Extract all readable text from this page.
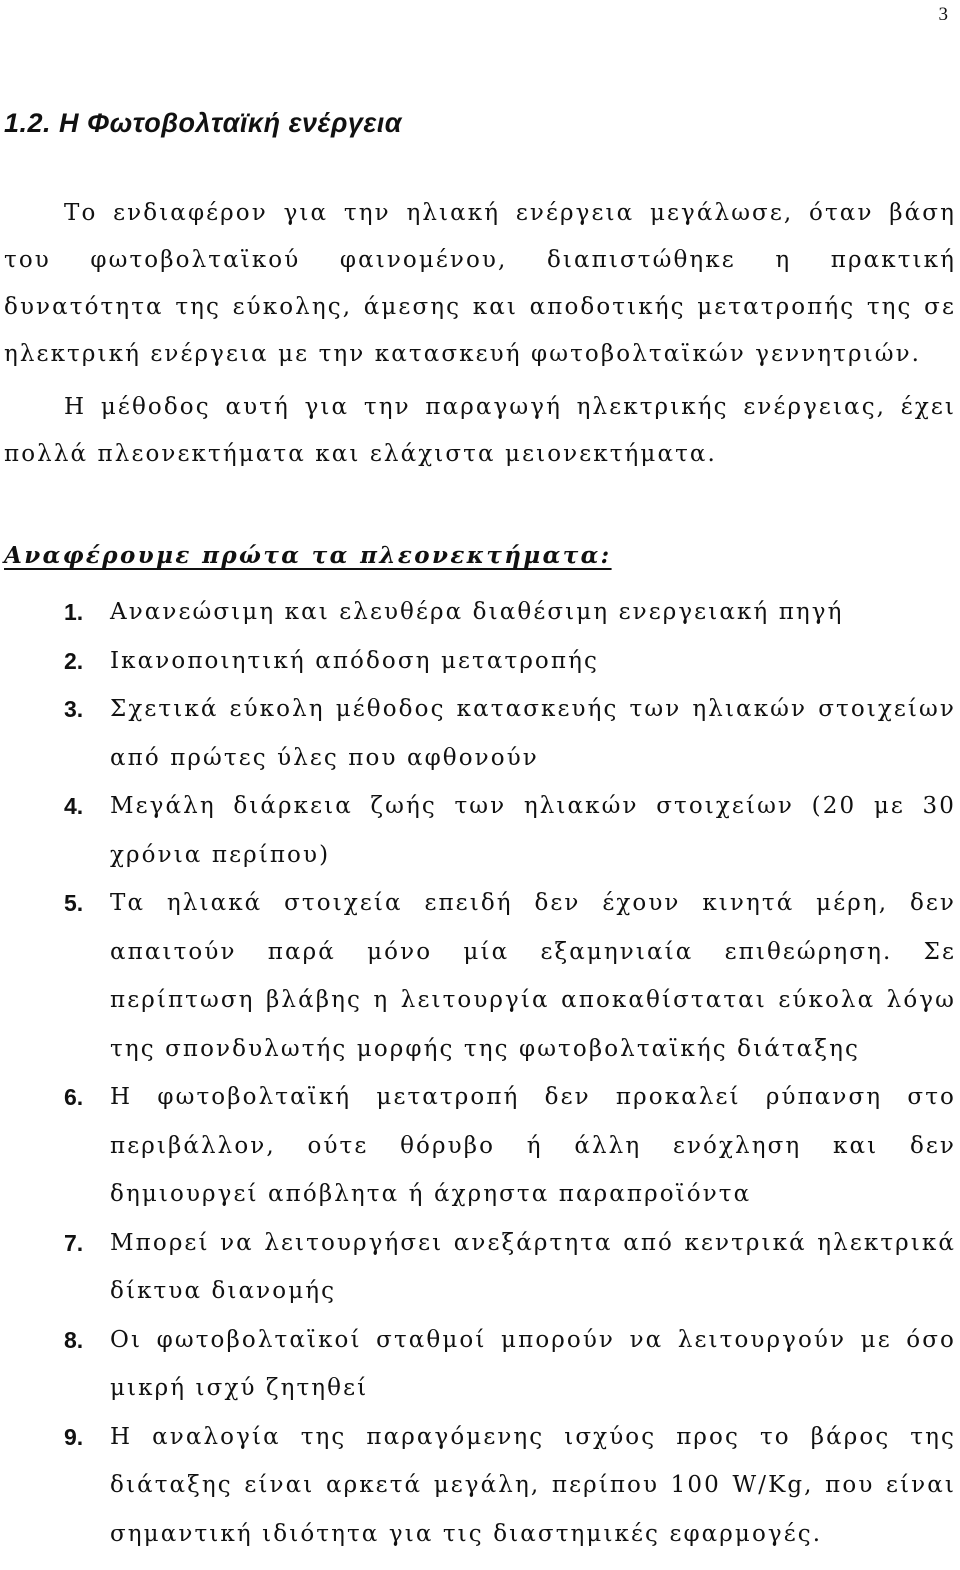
3
1.2. Η Φωτοβολταϊκή ενέργεια

Το ενδιαφέρον για την ηλιακή ενέργεια μεγάλωσε, όταν βάση του φωτοβολταϊκού φαινομένου, διαπιστώθηκε η πρακτική δυνατότητα της εύκολης, άμεσης και αποδοτικής μετατροπής της σε ηλεκτρική ενέργεια με την κατασκευή φωτοβολταϊκών γεννητριών.

Η μέθοδος αυτή για την παραγωγή ηλεκτρικής ενέργειας, έχει πολλά πλεονεκτήματα και ελάχιστα μειονεκτήματα.

Αναφέρουμε πρώτα τα πλεονεκτήματα:
1. Ανανεώσιμη και ελευθέρα διαθέσιμη ενεργειακή πηγή
2. Ικανοποιητική απόδοση μετατροπής
3. Σχετικά εύκολη μέθοδος κατασκευής των ηλιακών στοιχείων από πρώτες ύλες που αφθονούν
4. Μεγάλη διάρκεια ζωής των ηλιακών στοιχείων (20 με 30 χρόνια περίπου)
5. Τα ηλιακά στοιχεία επειδή δεν έχουν κινητά μέρη, δεν απαιτούν παρά μόνο μία εξαμηνιαία επιθεώρηση. Σε περίπτωση βλάβης η λειτουργία αποκαθίσταται εύκολα λόγω της σπονδυλωτής μορφής της φωτοβολταϊκής διάταξης
6. Η φωτοβολταϊκή μετατροπή δεν προκαλεί ρύπανση στο περιβάλλον, ούτε θόρυβο ή άλλη ενόχληση και δεν δημιουργεί απόβλητα ή άχρηστα παραπροϊόντα
7. Μπορεί να λειτουργήσει ανεξάρτητα από κεντρικά ηλεκτρικά δίκτυα διανομής
8. Οι φωτοβολταϊκοί σταθμοί μπορούν να λειτουργούν με όσο μικρή ισχύ ζητηθεί
9. Η αναλογία της παραγόμενης ισχύος προς το βάρος της διάταξης είναι αρκετά μεγάλη, περίπου 100 W/Kg, που είναι σημαντική ιδιότητα για τις διαστημικές εφαρμογές.
